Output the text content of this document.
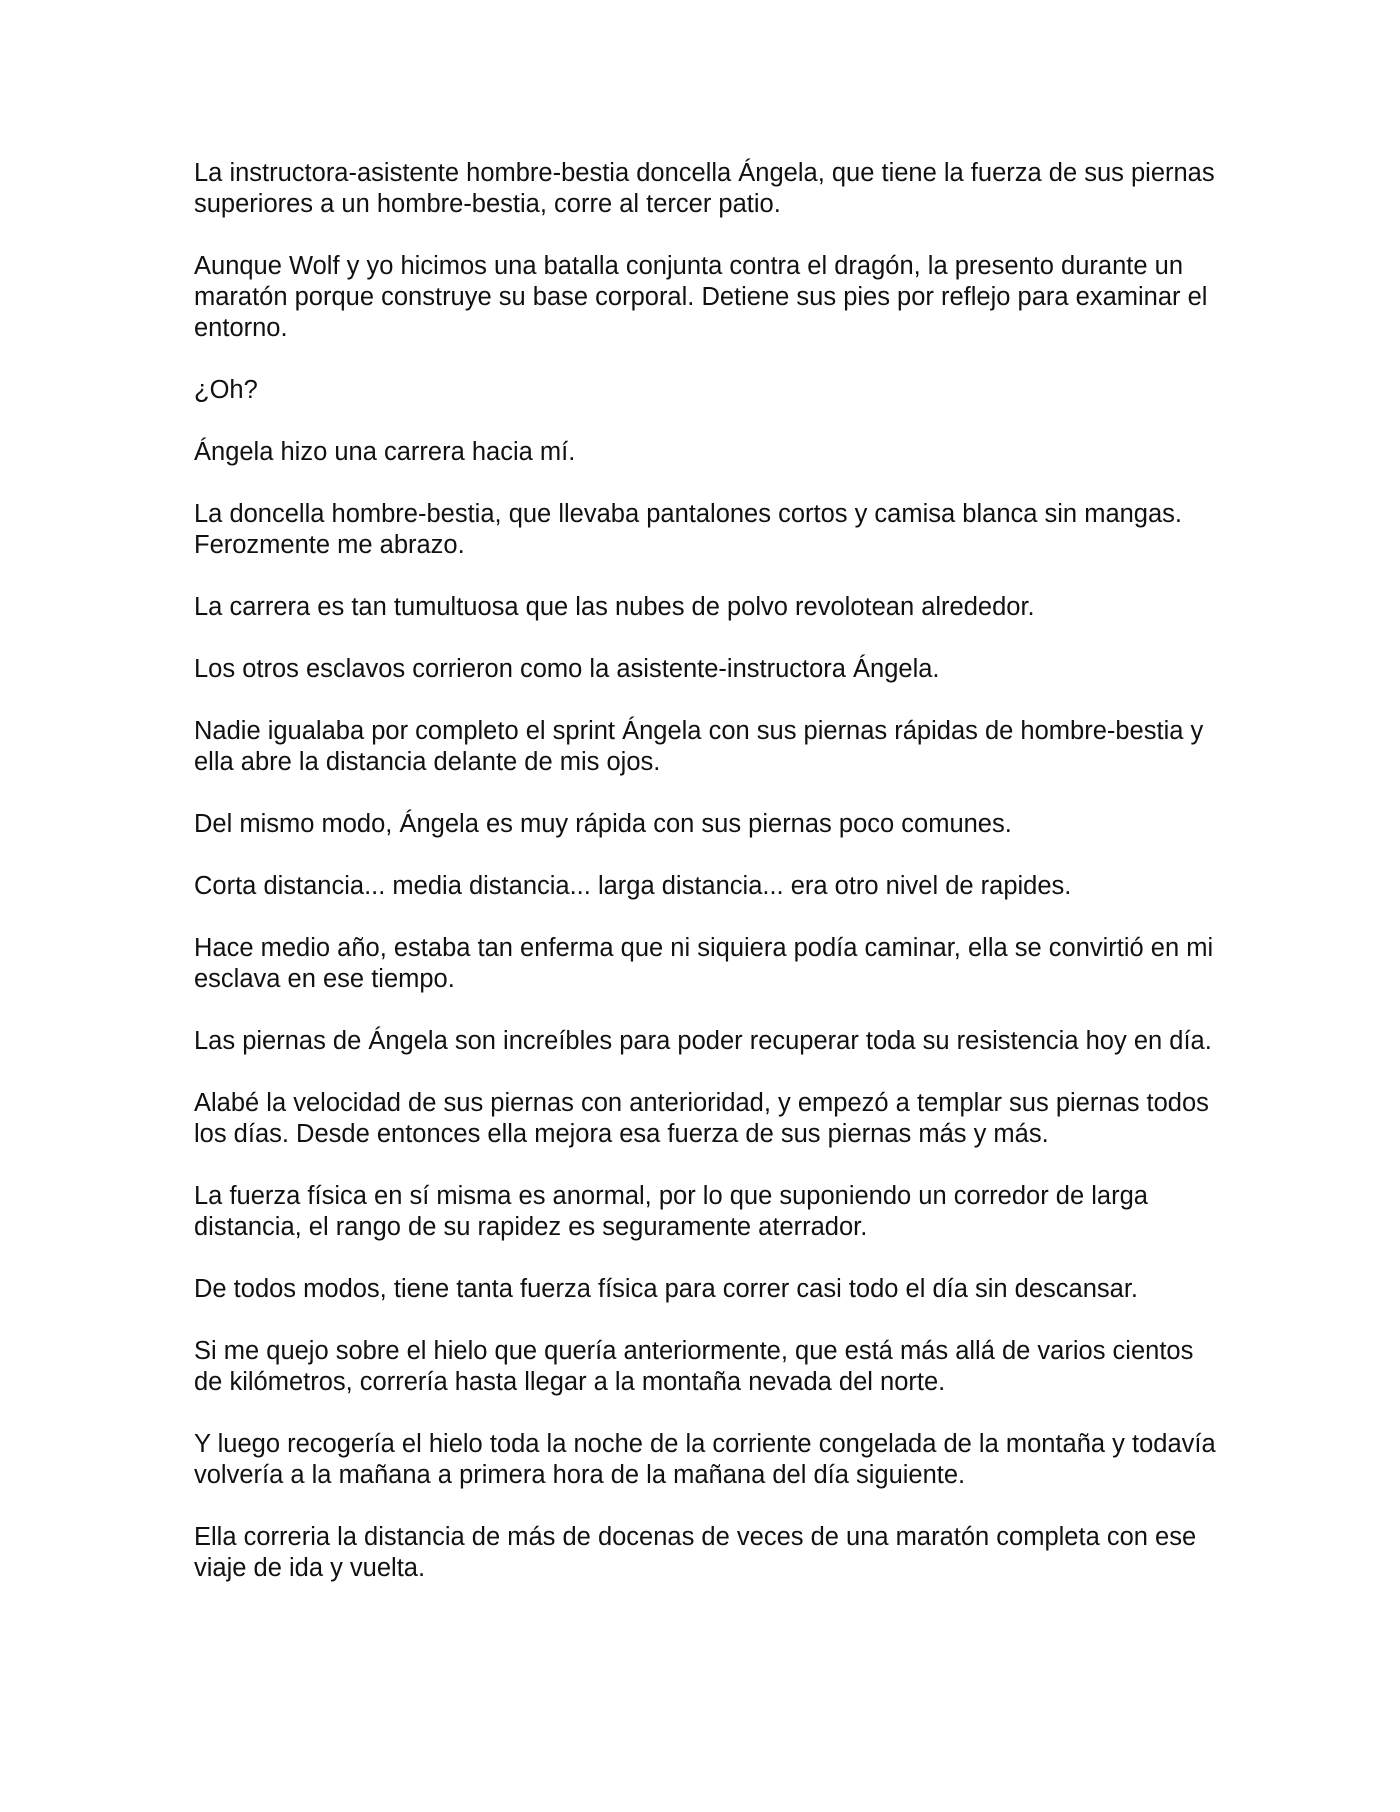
La instructora-asistente hombre-bestia doncella Ángela, que tiene la fuerza de sus piernas superiores a un hombre-bestia, corre al tercer patio.

Aunque Wolf y yo hicimos una batalla conjunta contra el dragón, la presento durante un maratón porque construye su base corporal. Detiene sus pies por reflejo para examinar el entorno.

¿Oh?

Ángela hizo una carrera hacia mí.

La doncella hombre-bestia, que llevaba pantalones cortos y camisa blanca sin mangas. Ferozmente me abrazo.

La carrera es tan tumultuosa que las nubes de polvo revolotean alrededor.

Los otros esclavos corrieron como la asistente-instructora Ángela.

Nadie igualaba por completo el sprint Ángela con sus piernas rápidas de hombre-bestia y ella abre la distancia delante de mis ojos.

Del mismo modo, Ángela es muy rápida con sus piernas poco comunes.

Corta distancia... media distancia... larga distancia... era otro nivel de rapides.

Hace medio año, estaba tan enferma que ni siquiera podía caminar, ella se convirtió en mi esclava en ese tiempo.

Las piernas de Ángela son increíbles para poder recuperar toda su resistencia hoy en día.

Alabé la velocidad de sus piernas con anterioridad, y empezó a templar sus piernas todos los días. Desde entonces ella mejora esa fuerza de sus piernas más y más.

La fuerza física en sí misma es anormal, por lo que suponiendo un corredor de larga distancia, el rango de su rapidez es seguramente aterrador.

De todos modos, tiene tanta fuerza física para correr casi todo el día sin descansar.

Si me quejo sobre el hielo que quería anteriormente, que está más allá de varios cientos de kilómetros, correría hasta llegar a la montaña nevada del norte.

Y luego recogería el hielo toda la noche de la corriente congelada de la montaña y todavía volvería a la mañana a primera hora de la mañana del día siguiente.

Ella correria la distancia de más de docenas de veces de una maratón completa con ese viaje de ida y vuelta.
